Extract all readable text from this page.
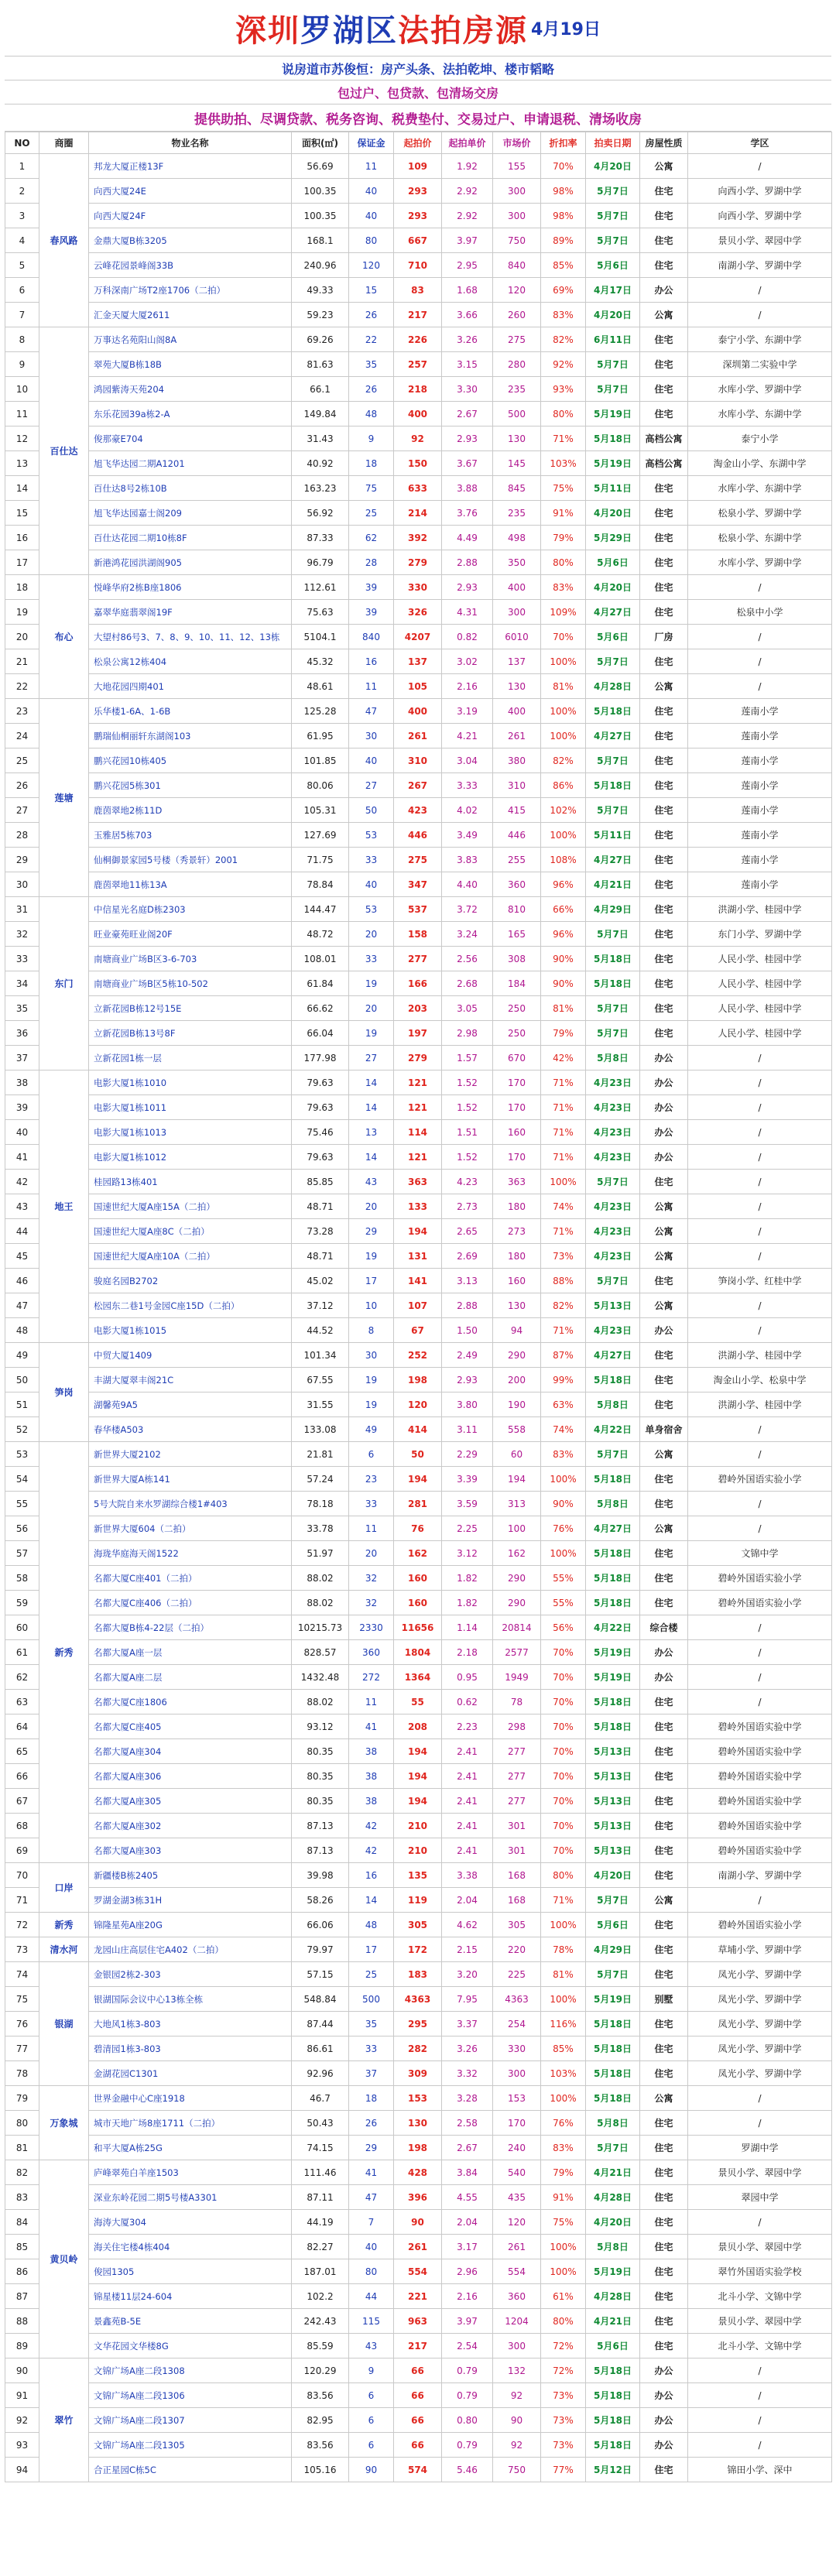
深圳罗湖区法拍房源 4月19日
说房道市苏俊恒：房产头条、法拍乾坤、楼市韬略
包过户、包贷款、包清场交房
提供助拍、尽调贷款、税务咨询、税费垫付、交易过户、申请退税、清场收房
NO	商圈	物业名称	面积(㎡)	保证金	起拍价	起拍单价	市场价	折扣率	拍卖日期	房屋性质	学区
1	春风路	邦龙大厦正楼13F	56.69	11	109	1.92	155	70%	4月20日	公寓	/
2		向西大厦24E	100.35	40	293	2.92	300	98%	5月7日	住宅	向西小学、罗湖中学
3		向西大厦24F	100.35	40	293	2.92	300	98%	5月7日	住宅	向西小学、罗湖中学
4		金鼎大厦B栋3205	168.1	80	667	3.97	750	89%	5月7日	住宅	景贝小学、翠园中学
5		云峰花园景峰阁33B	240.96	120	710	2.95	840	85%	5月6日	住宅	南湖小学、罗湖中学
6		万科深南广场T2座1706（二拍）	49.33	15	83	1.68	120	69%	4月17日	办公	/
7		汇金天厦大厦2611	59.23	26	217	3.66	260	83%	4月20日	公寓	/
8	百仕达	万事达名苑阳山阁8A	69.26	22	226	3.26	275	82%	6月11日	住宅	泰宁小学、东湖中学
9		翠苑大厦B栋18B	81.63	35	257	3.15	280	92%	5月7日	住宅	深圳第二实验中学
10		鸿园紫涛天苑204	66.1	26	218	3.30	235	93%	5月7日	住宅	水库小学、罗湖中学
11		东乐花园39a栋2-A	149.84	48	400	2.67	500	80%	5月19日	住宅	水库小学、东湖中学
12		俊那豪E704	31.43	9	92	2.93	130	71%	5月18日	高档公寓	泰宁小学
13		旭飞华达园二期A1201	40.92	18	150	3.67	145	103%	5月19日	高档公寓	淘金山小学、东湖中学
14		百仕达8号2栋10B	163.23	75	633	3.88	845	75%	5月11日	住宅	水库小学、东湖中学
15		旭飞华达园嘉士阁209	56.92	25	214	3.76	235	91%	4月20日	住宅	松泉小学、罗湖中学
16		百仕达花园二期10栋8F	87.33	62	392	4.49	498	79%	5月29日	住宅	松泉小学、东湖中学
17		新港鸿花园洪湖阁905	96.79	28	279	2.88	350	80%	5月6日	住宅	水库小学、罗湖中学
18	布心	悦峰华府2栋B座1806	112.61	39	330	2.93	400	83%	4月20日	住宅	/
19		嘉翠华庭翡翠阁19F	75.63	39	326	4.31	300	109%	4月27日	住宅	松泉中小学
20		大望村86号3、7、8、9、10、11、12、13栋	5104.1	840	4207	0.82	6010	70%	5月6日	厂房	/
21		松泉公寓12栋404	45.32	16	137	3.02	137	100%	5月7日	住宅	/
22		大地花园四期401	48.61	11	105	2.16	130	81%	4月28日	公寓	/
23	莲塘	乐华楼1-6A、1-6B	125.28	47	400	3.19	400	100%	5月18日	住宅	莲南小学
24		鹏瑞仙桐丽轩东湖阁103	61.95	30	261	4.21	261	100%	4月27日	住宅	莲南小学
25		鹏兴花园10栋405	101.85	40	310	3.04	380	82%	5月7日	住宅	莲南小学
26		鹏兴花园5栋301	80.06	27	267	3.33	310	86%	5月18日	住宅	莲南小学
27		鹿茵翠地2栋11D	105.31	50	423	4.02	415	102%	5月7日	住宅	莲南小学
28		玉雅居5栋703	127.69	53	446	3.49	446	100%	5月11日	住宅	莲南小学
29		仙桐御景家园5号楼（秀景轩）2001	71.75	33	275	3.83	255	108%	4月27日	住宅	莲南小学
30		鹿茵翠地11栋13A	78.84	40	347	4.40	360	96%	4月21日	住宅	莲南小学
31	东门	中信星光名庭D栋2303	144.47	53	537	3.72	810	66%	4月29日	住宅	洪湖小学、桂园中学
32		旺业豪苑旺业阁20F	48.72	20	158	3.24	165	96%	5月7日	住宅	东门小学、罗湖中学
33		南塘商业广场B区3-6-703	108.01	33	277	2.56	308	90%	5月18日	住宅	人民小学、桂园中学
34		南塘商业广场B区5栋10-502	61.84	19	166	2.68	184	90%	5月18日	住宅	人民小学、桂园中学
35		立新花园B栋12号15E	66.62	20	203	3.05	250	81%	5月7日	住宅	人民小学、桂园中学
36		立新花园B栋13号8F	66.04	19	197	2.98	250	79%	5月7日	住宅	人民小学、桂园中学
37		立新花园1栋一层	177.98	27	279	1.57	670	42%	5月8日	办公	/
38	地王	电影大厦1栋1010	79.63	14	121	1.52	170	71%	4月23日	办公	/
39		电影大厦1栋1011	79.63	14	121	1.52	170	71%	4月23日	办公	/
40		电影大厦1栋1013	75.46	13	114	1.51	160	71%	4月23日	办公	/
41		电影大厦1栋1012	79.63	14	121	1.52	170	71%	4月23日	办公	/
42		桂园路13栋401	85.85	43	363	4.23	363	100%	5月7日	住宅	/
43		国速世纪大厦A座15A（二拍）	48.71	20	133	2.73	180	74%	4月23日	公寓	/
44		国速世纪大厦A座8C（二拍）	73.28	29	194	2.65	273	71%	4月23日	公寓	/
45		国速世纪大厦A座10A（二拍）	48.71	19	131	2.69	180	73%	4月23日	公寓	/
46		骏庭名园B2702	45.02	17	141	3.13	160	88%	5月7日	住宅	笋岗小学、红桂中学
47		松园东二巷1号金园C座15D（二拍）	37.12	10	107	2.88	130	82%	5月13日	公寓	/
48		电影大厦1栋1015	44.52	8	67	1.50	94	71%	4月23日	办公	/
49	笋岗	中贸大厦1409	101.34	30	252	2.49	290	87%	4月27日	住宅	洪湖小学、桂园中学
50		丰湖大厦翠丰阁21C	67.55	19	198	2.93	200	99%	5月18日	住宅	淘金山小学、松泉中学
51		湖馨苑9A5	31.55	19	120	3.80	190	63%	5月8日	住宅	洪湖小学、桂园中学
52		春华楼A503	133.08	49	414	3.11	558	74%	4月22日	单身宿舍	/
53	新秀	新世界大厦2102	21.81	6	50	2.29	60	83%	5月7日	公寓	/
54		新世界大厦A栋141	57.24	23	194	3.39	194	100%	5月18日	住宅	碧岭外国语实验小学
55		5号大院自来水罗湖综合楼1#403	78.18	33	281	3.59	313	90%	5月8日	住宅	/
56		新世界大厦604（二拍）	33.78	11	76	2.25	100	76%	4月27日	公寓	/
57		海珑华庭海天阁1522	51.97	20	162	3.12	162	100%	5月18日	住宅	文锦中学
58		名都大厦C座401（二拍）	88.02	32	160	1.82	290	55%	5月18日	住宅	碧岭外国语实验小学
59		名都大厦C座406（二拍）	88.02	32	160	1.82	290	55%	5月18日	住宅	碧岭外国语实验小学
60		名都大厦B栋4-22层（二拍）	10215.73	2330	11656	1.14	20814	56%	4月22日	综合楼	/
61		名都大厦A座一层	828.57	360	1804	2.18	2577	70%	5月19日	办公	/
62		名都大厦A座二层	1432.48	272	1364	0.95	1949	70%	5月19日	办公	/
63		名都大厦C座1806	88.02	11	55	0.62	78	70%	5月18日	住宅	/
64		名都大厦C座405	93.12	41	208	2.23	298	70%	5月18日	住宅	碧岭外国语实验中学
65		名都大厦A座304	80.35	38	194	2.41	277	70%	5月13日	住宅	碧岭外国语实验中学
66		名都大厦A座306	80.35	38	194	2.41	277	70%	5月13日	住宅	碧岭外国语实验中学
67		名都大厦A座305	80.35	38	194	2.41	277	70%	5月13日	住宅	碧岭外国语实验中学
68		名都大厦A座302	87.13	42	210	2.41	301	70%	5月13日	住宅	碧岭外国语实验中学
69		名都大厦A座303	87.13	42	210	2.41	301	70%	5月13日	住宅	碧岭外国语实验中学
70	口岸	新疆楼B栋2405	39.98	16	135	3.38	168	80%	4月20日	住宅	南湖小学、罗湖中学
71		罗湖金湖3栋31H	58.26	14	119	2.04	168	71%	5月7日	公寓	/
72	新秀	锦隆星苑A座20G	66.06	48	305	4.62	305	100%	5月6日	住宅	碧岭外国语实验小学
73	清水河	龙园山庄高层住宅A402（二拍）	79.97	17	172	2.15	220	78%	4月29日	住宅	草埔小学、罗湖中学
74	银湖	金银园2栋2-303	57.15	25	183	3.20	225	81%	5月7日	住宅	凤光小学、罗湖中学
75		银湖国际会议中心13栋全栋	548.84	500	4363	7.95	4363	100%	5月19日	别墅	凤光小学、罗湖中学
76		大地风1栋3-803	87.44	35	295	3.37	254	116%	5月18日	住宅	凤光小学、罗湖中学
77		碧清园1栋3-803	86.61	33	282	3.26	330	85%	5月18日	住宅	凤光小学、罗湖中学
78		金湖花园C1301	92.96	37	309	3.32	300	103%	5月18日	住宅	凤光小学、罗湖中学
79	万象城	世界金融中心C座1918	46.7	18	153	3.28	153	100%	5月18日	公寓	/
80		城市天地广场8座1711（二拍）	50.43	26	130	2.58	170	76%	5月8日	住宅	/
81		和平大厦A栋25G	74.15	29	198	2.67	240	83%	5月7日	住宅	罗湖中学
82	黄贝岭	庐峰翠苑白羊座1503	111.46	41	428	3.84	540	79%	4月21日	住宅	景贝小学、翠园中学
83		深业东岭花园二期5号楼A3301	87.11	47	396	4.55	435	91%	4月28日	住宅	翠园中学
84		海涛大厦304	44.19	7	90	2.04	120	75%	4月20日	住宅	/
85		海关住宅楼4栋404	82.27	40	261	3.17	261	100%	5月8日	住宅	景贝小学、翠园中学
86		俊园1305	187.01	80	554	2.96	554	100%	5月19日	住宅	翠竹外国语实验学校
87		锦星楼11层24-604	102.2	44	221	2.16	360	61%	4月28日	住宅	北斗小学、文锦中学
88		景鑫苑B-5E	242.43	115	963	3.97	1204	80%	4月21日	住宅	景贝小学、翠园中学
89		文华花园文华楼8G	85.59	43	217	2.54	300	72%	5月6日	住宅	北斗小学、文锦中学
90	翠竹	文锦广场A座二段1308	120.29	9	66	0.79	132	72%	5月18日	办公	/
91		文锦广场A座二段1306	83.56	6	66	0.79	92	73%	5月18日	办公	/
92		文锦广场A座二段1307	82.95	6	66	0.80	90	73%	5月18日	办公	/
93		文锦广场A座二段1305	83.56	6	66	0.79	92	73%	5月18日	办公	/
94		合正星园C栋5C	105.16	90	574	5.46	750	77%	5月12日	住宅	锦田小学、深中
